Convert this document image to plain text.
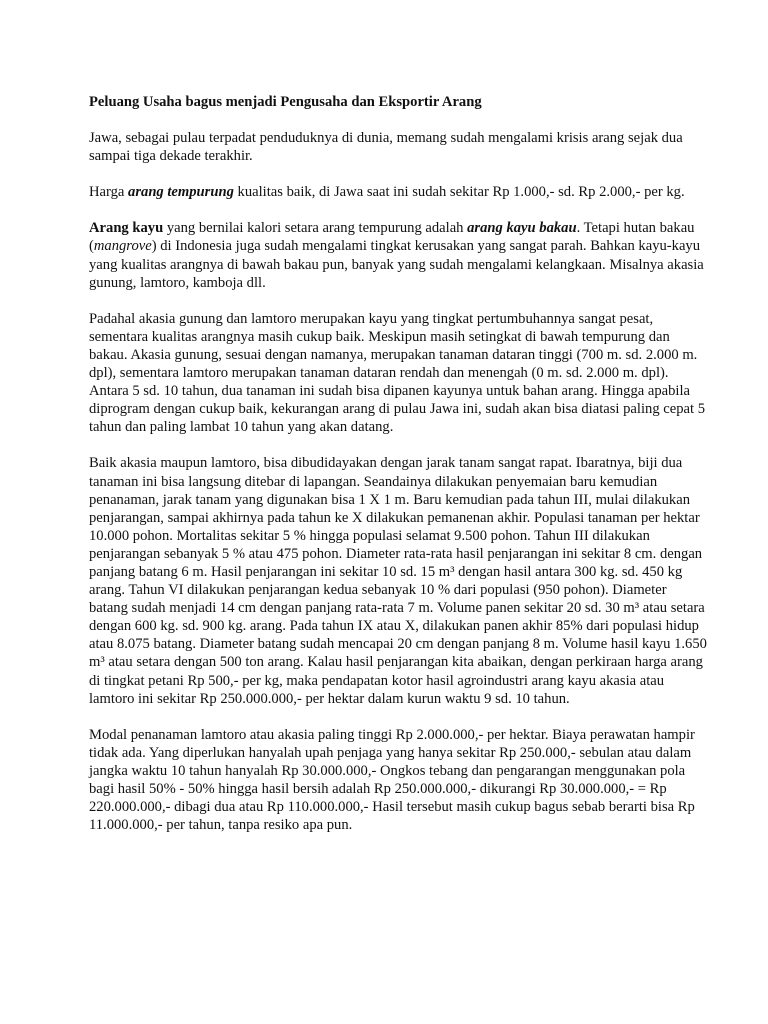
Peluang Usaha bagus menjadi Pengusaha dan Eksportir Arang

Jawa, sebagai pulau terpadat penduduknya di dunia, memang sudah mengalami krisis arang sejak dua sampai tiga dekade terakhir.

Harga arang tempurung kualitas baik, di Jawa saat ini sudah sekitar Rp 1.000,- sd. Rp 2.000,- per kg.

Arang kayu yang bernilai kalori setara arang tempurung adalah arang kayu bakau. Tetapi hutan bakau (mangrove) di Indonesia juga sudah mengalami tingkat kerusakan yang sangat parah. Bahkan kayu-kayu yang kualitas arangnya di bawah bakau pun, banyak yang sudah mengalami kelangkaan. Misalnya akasia gunung, lamtoro, kamboja dll.

Padahal akasia gunung dan lamtoro merupakan kayu yang tingkat pertumbuhannya sangat pesat, sementara kualitas arangnya masih cukup baik. Meskipun masih setingkat di bawah tempurung dan bakau. Akasia gunung, sesuai dengan namanya, merupakan tanaman dataran tinggi (700 m. sd. 2.000 m. dpl), sementara lamtoro merupakan tanaman dataran rendah dan menengah (0 m. sd. 2.000 m. dpl). Antara 5 sd. 10 tahun, dua tanaman ini sudah bisa dipanen kayunya untuk bahan arang. Hingga apabila diprogram dengan cukup baik, kekurangan arang di pulau Jawa ini, sudah akan bisa diatasi paling cepat 5 tahun dan paling lambat 10 tahun yang akan datang.

Baik akasia maupun lamtoro, bisa dibudidayakan dengan jarak tanam sangat rapat. Ibaratnya, biji dua tanaman ini bisa langsung ditebar di lapangan. Seandainya dilakukan penyemaian baru kemudian penanaman, jarak tanam yang digunakan bisa 1 X 1 m. Baru kemudian pada tahun III, mulai dilakukan penjarangan, sampai akhirnya pada tahun ke X dilakukan pemanenan akhir. Populasi tanaman per hektar 10.000 pohon. Mortalitas sekitar 5 % hingga populasi selamat 9.500 pohon. Tahun III dilakukan penjarangan sebanyak 5 % atau 475 pohon. Diameter rata-rata hasil penjarangan ini sekitar 8 cm. dengan panjang batang 6 m. Hasil penjarangan ini sekitar 10 sd. 15 m³ dengan hasil antara 300 kg. sd. 450 kg arang. Tahun VI dilakukan penjarangan kedua sebanyak 10 % dari populasi (950 pohon). Diameter batang sudah menjadi 14 cm dengan panjang rata-rata 7 m. Volume panen sekitar 20 sd. 30 m³ atau setara dengan 600 kg. sd. 900 kg. arang. Pada tahun IX atau X, dilakukan panen akhir 85% dari populasi hidup atau 8.075 batang. Diameter batang sudah mencapai 20 cm dengan panjang 8 m. Volume hasil kayu 1.650 m³ atau setara dengan 500 ton arang. Kalau hasil penjarangan kita abaikan, dengan perkiraan harga arang di tingkat petani Rp 500,- per kg, maka pendapatan kotor hasil agroindustri arang kayu akasia atau lamtoro ini sekitar Rp 250.000.000,- per hektar dalam kurun waktu 9 sd. 10 tahun.

Modal penanaman lamtoro atau akasia paling tinggi Rp 2.000.000,- per hektar. Biaya perawatan hampir tidak ada. Yang diperlukan hanyalah upah penjaga yang hanya sekitar Rp 250.000,- sebulan atau dalam jangka waktu 10 tahun hanyalah Rp 30.000.000,- Ongkos tebang dan pengarangan menggunakan pola bagi hasil 50% - 50% hingga hasil bersih adalah Rp 250.000.000,- dikurangi Rp 30.000.000,- = Rp 220.000.000,- dibagi dua atau Rp 110.000.000,- Hasil tersebut masih cukup bagus sebab berarti bisa Rp 11.000.000,- per tahun, tanpa resiko apa pun.
